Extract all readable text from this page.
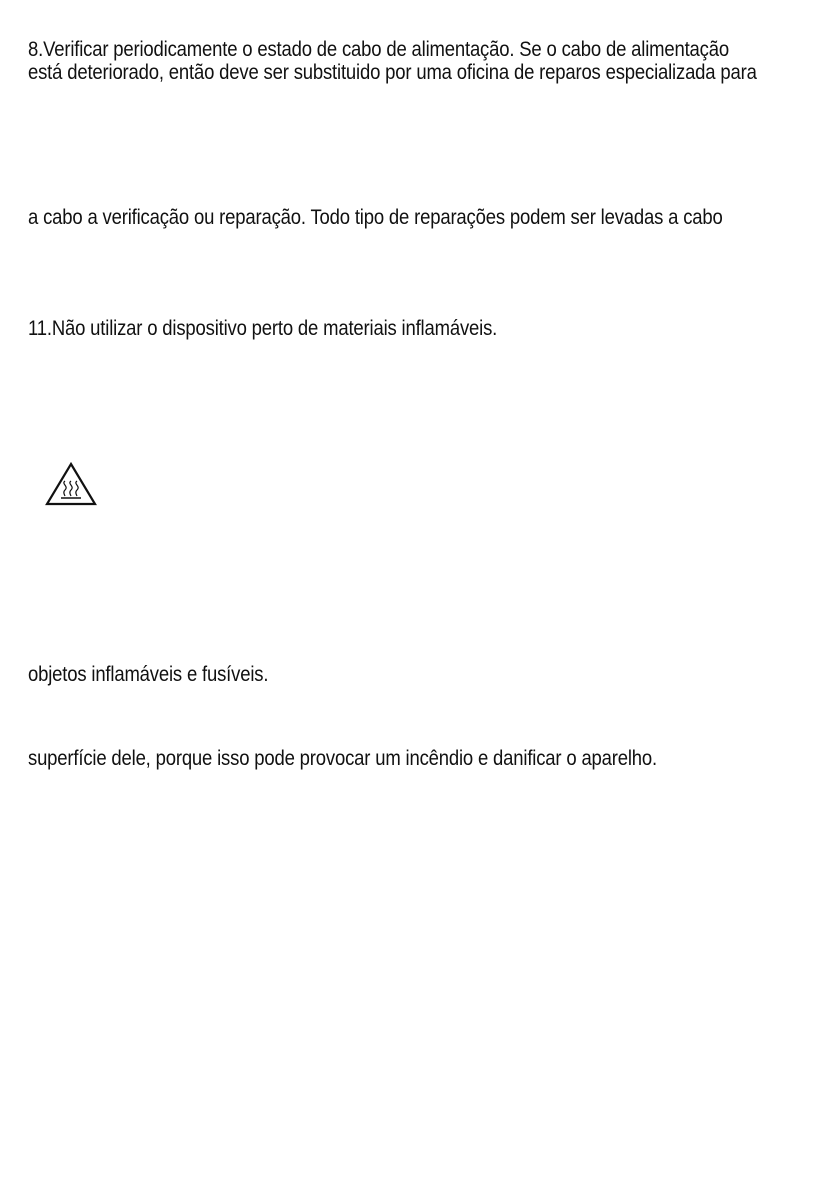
8.Verificar periodicamente o estado de cabo de alimentação. Se o cabo de alimentação
está deteriorado, então deve ser substituido por uma oficina de reparos especializada para
a cabo a verificação ou reparação. Todo tipo de reparações podem ser levadas a cabo
11.Não utilizar o dispositivo perto de materiais inflamáveis.
objetos inflamáveis e fusíveis.
superfície dele, porque isso pode provocar um incêndio e danificar o aparelho.
